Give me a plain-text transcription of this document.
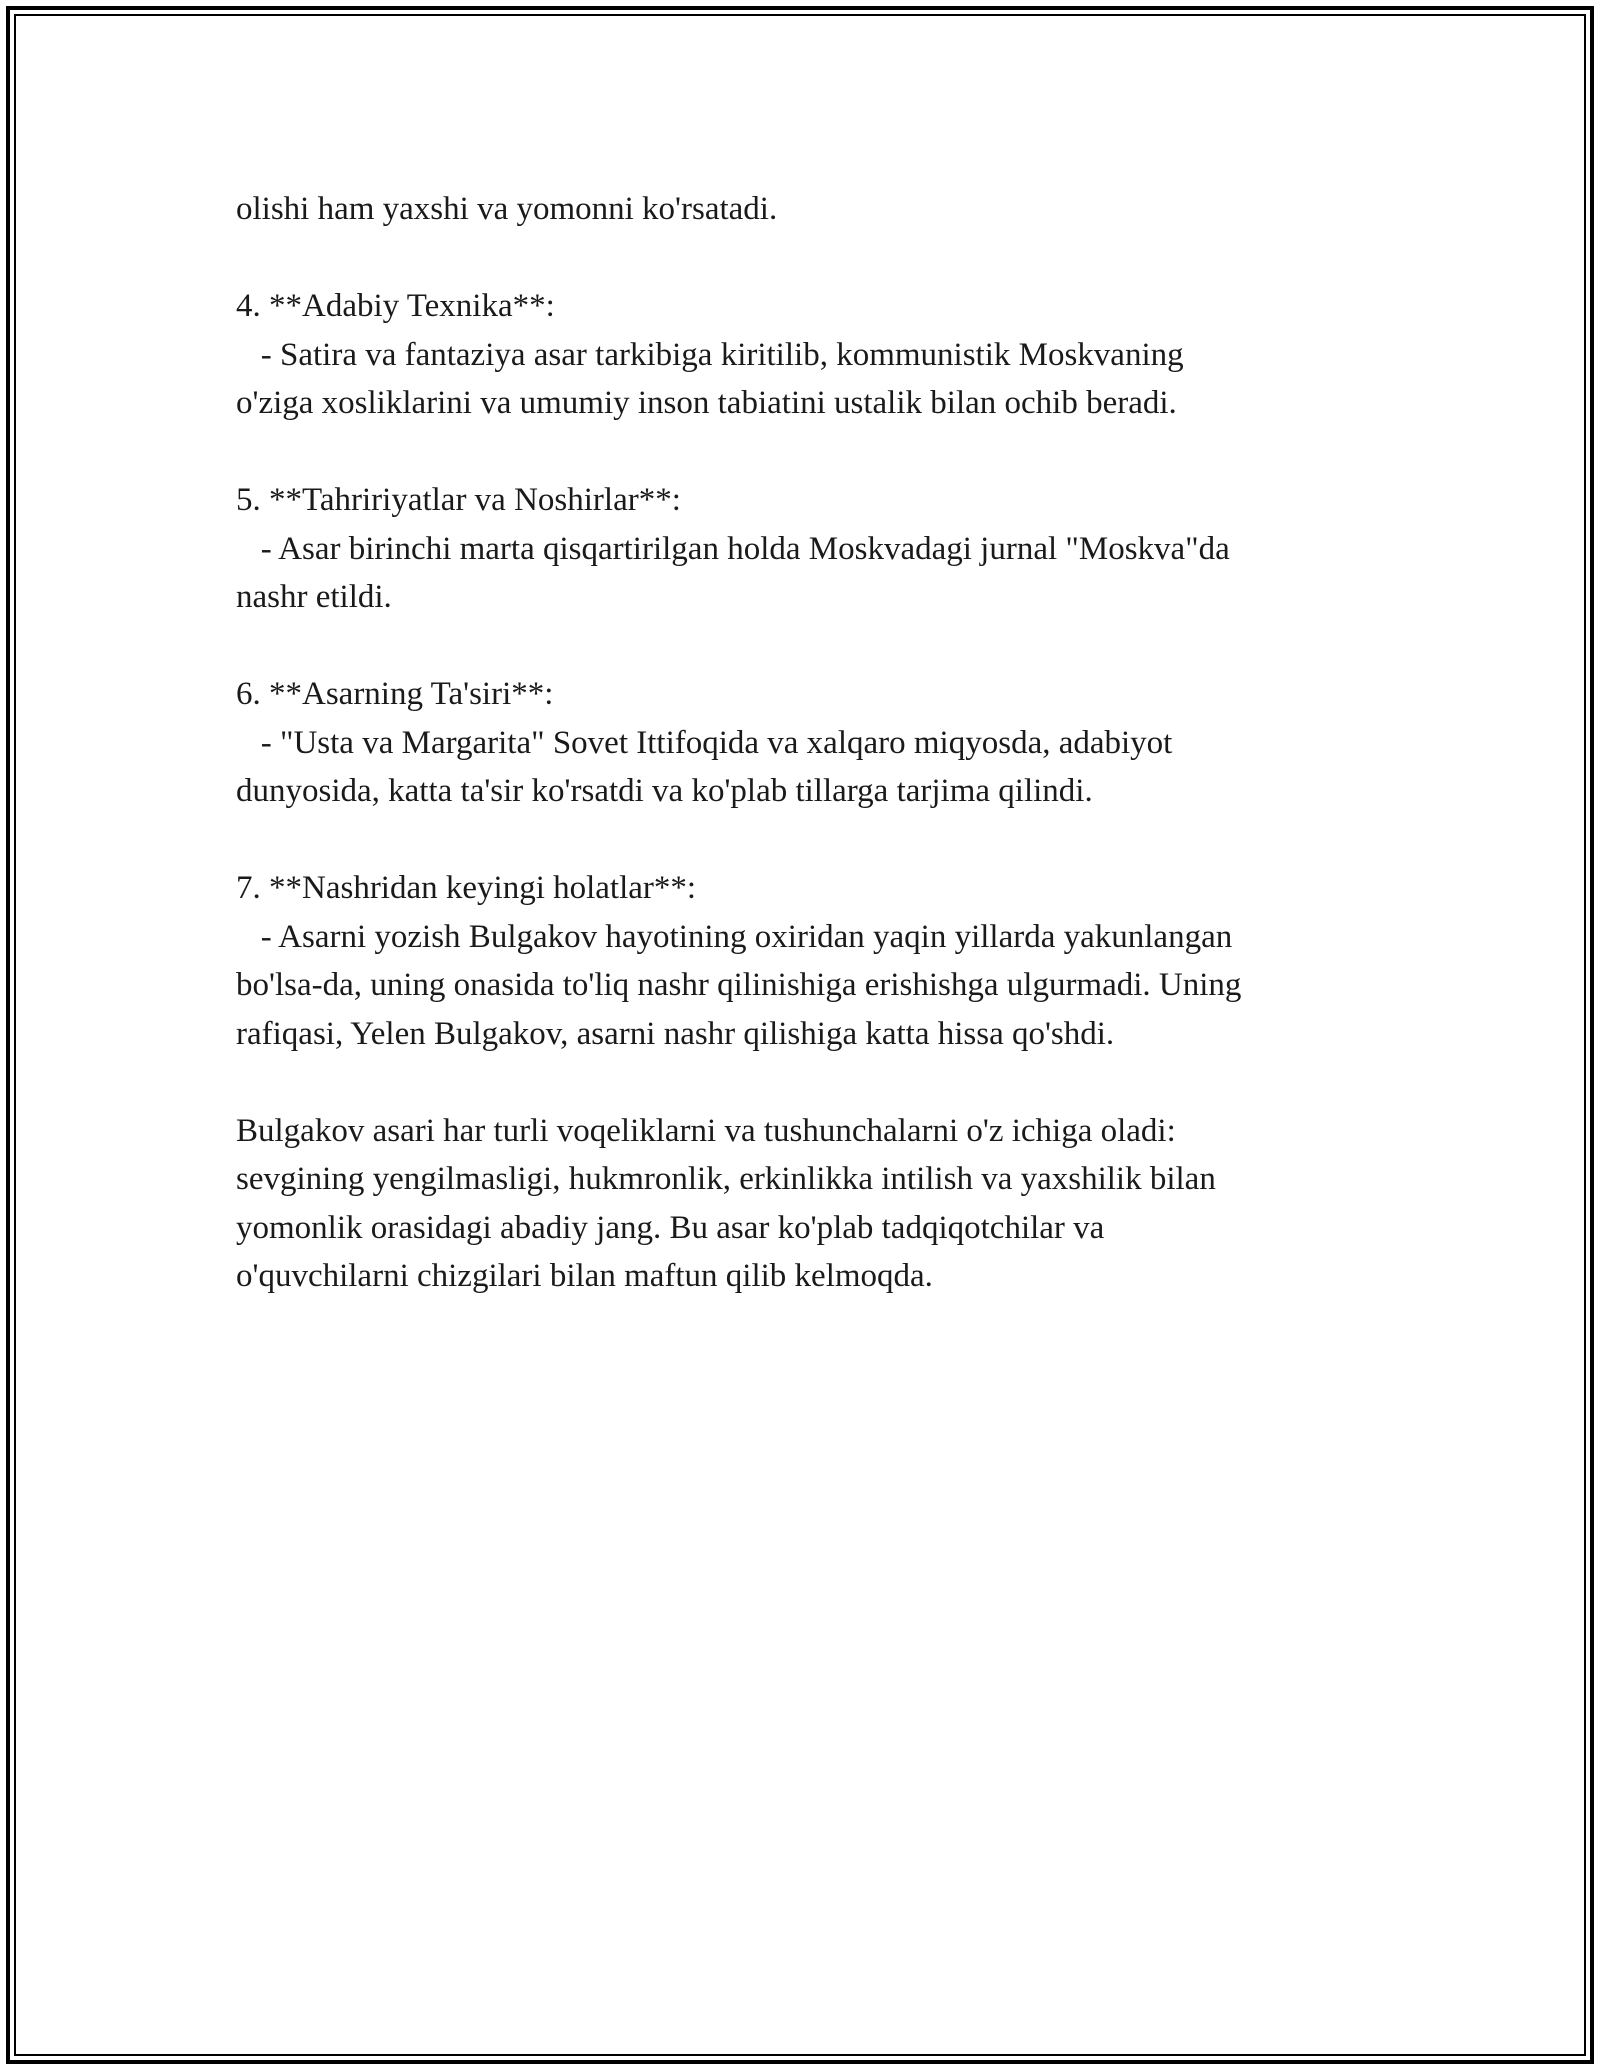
olishi ham yaxshi va yomonni ko'rsatadi.

4. **Adabiy Texnika**:

- Satira va fantaziya asar tarkibiga kiritilib, kommunistik Moskvaning

o'ziga xosliklarini va umumiy inson tabiatini ustalik bilan ochib beradi.

5. **Tahririyatlar va Noshirlar**:

- Asar birinchi marta qisqartirilgan holda Moskvadagi jurnal "Moskva"da

nashr etildi.

6. **Asarning Ta'siri**:

- "Usta va Margarita" Sovet Ittifoqida va xalqaro miqyosda, adabiyot

dunyosida, katta ta'sir ko'rsatdi va ko'plab tillarga tarjima qilindi.

7. **Nashridan keyingi holatlar**:

- Asarni yozish Bulgakov hayotining oxiridan yaqin yillarda yakunlangan

bo'lsa-da, uning onasida to'liq nashr qilinishiga erishishga ulgurmadi. Uning

rafiqasi, Yelen Bulgakov, asarni nashr qilishiga katta hissa qo'shdi.

Bulgakov asari har turli voqeliklarni va tushunchalarni o'z ichiga oladi:

sevgining yengilmasligi, hukmronlik, erkinlikka intilish va yaxshilik bilan

yomonlik orasidagi abadiy jang. Bu asar ko'plab tadqiqotchilar va

o'quvchilarni chizgilari bilan maftun qilib kelmoqda.
